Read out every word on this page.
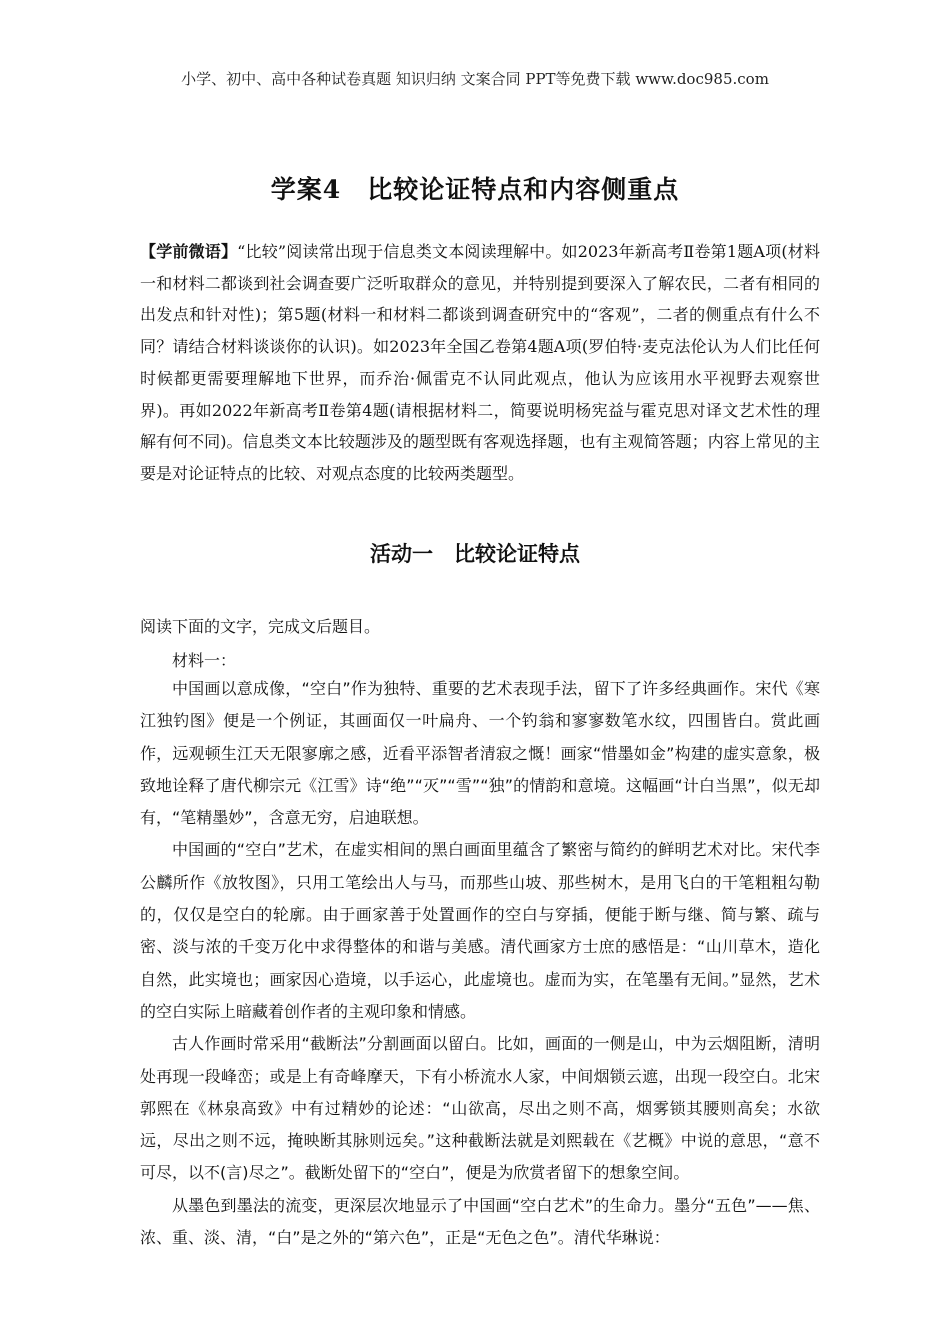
小学、初中、高中各种试卷真题 知识归纳 文案合同 PPT等免费下载 www.doc985.com
学案4　比较论证特点和内容侧重点
【学前微语】“比较”阅读常出现于信息类文本阅读理解中。如2023年新高考Ⅱ卷第1题A项(材料一和材料二都谈到社会调查要广泛听取群众的意见，并特别提到要深入了解农民，二者有相同的出发点和针对性)；第5题(材料一和材料二都谈到调查研究中的“客观”，二者的侧重点有什么不同？请结合材料谈谈你的认识)。如2023年全国乙卷第4题A项(罗伯特·麦克法伦认为人们比任何时候都更需要理解地下世界，而乔治·佩雷克不认同此观点，他认为应该用水平视野去观察世界)。再如2022年新高考Ⅱ卷第4题(请根据材料二，简要说明杨宪益与霍克思对译文艺术性的理解有何不同)。信息类文本比较题涉及的题型既有客观选择题，也有主观简答题；内容上常见的主要是对论证特点的比较、对观点态度的比较两类题型。
活动一　比较论证特点
阅读下面的文字，完成文后题目。
材料一：

中国画以意成像，“空白”作为独特、重要的艺术表现手法，留下了许多经典画作。宋代《寒江独钓图》便是一个例证，其画面仅一叶扁舟、一个钓翁和寥寥数笔水纹，四围皆白。赏此画作，远观顿生江天无限寥廓之感，近看平添智者清寂之慨！画家“惜墨如金”构建的虚实意象，极致地诠释了唐代柳宗元《江雪》诗“绝”“灭”“雪”“独”的情韵和意境。这幅画“计白当黑”，似无却有，“笔精墨妙”，含意无穷，启迪联想。

中国画的“空白”艺术，在虚实相间的黑白画面里蕴含了繁密与简约的鲜明艺术对比。宋代李公麟所作《放牧图》，只用工笔绘出人与马，而那些山坡、那些树木，是用飞白的干笔粗粗勾勒的，仅仅是空白的轮廓。由于画家善于处置画作的空白与穿插，便能于断与继、简与繁、疏与密、淡与浓的千变万化中求得整体的和谐与美感。清代画家方士庶的感悟是：“山川草木，造化自然，此实境也；画家因心造境，以手运心，此虚境也。虚而为实，在笔墨有无间。”显然，艺术的空白实际上暗藏着创作者的主观印象和情感。

古人作画时常采用“截断法”分割画面以留白。比如，画面的一侧是山，中为云烟阻断，清明处再现一段峰峦；或是上有奇峰摩天，下有小桥流水人家，中间烟锁云遮，出现一段空白。北宋郭熙在《林泉高致》中有过精妙的论述：“山欲高，尽出之则不高，烟雾锁其腰则高矣；水欲远，尽出之则不远，掩映断其脉则远矣。”这种截断法就是刘熙载在《艺概》中说的意思，“意不可尽，以不(言)尽之”。截断处留下的“空白”，便是为欣赏者留下的想象空间。

从墨色到墨法的流变，更深层次地显示了中国画“空白艺术”的生命力。墨分“五色”——焦、浓、重、淡、清，“白”是之外的“第六色”，正是“无色之色”。清代华琳说：
